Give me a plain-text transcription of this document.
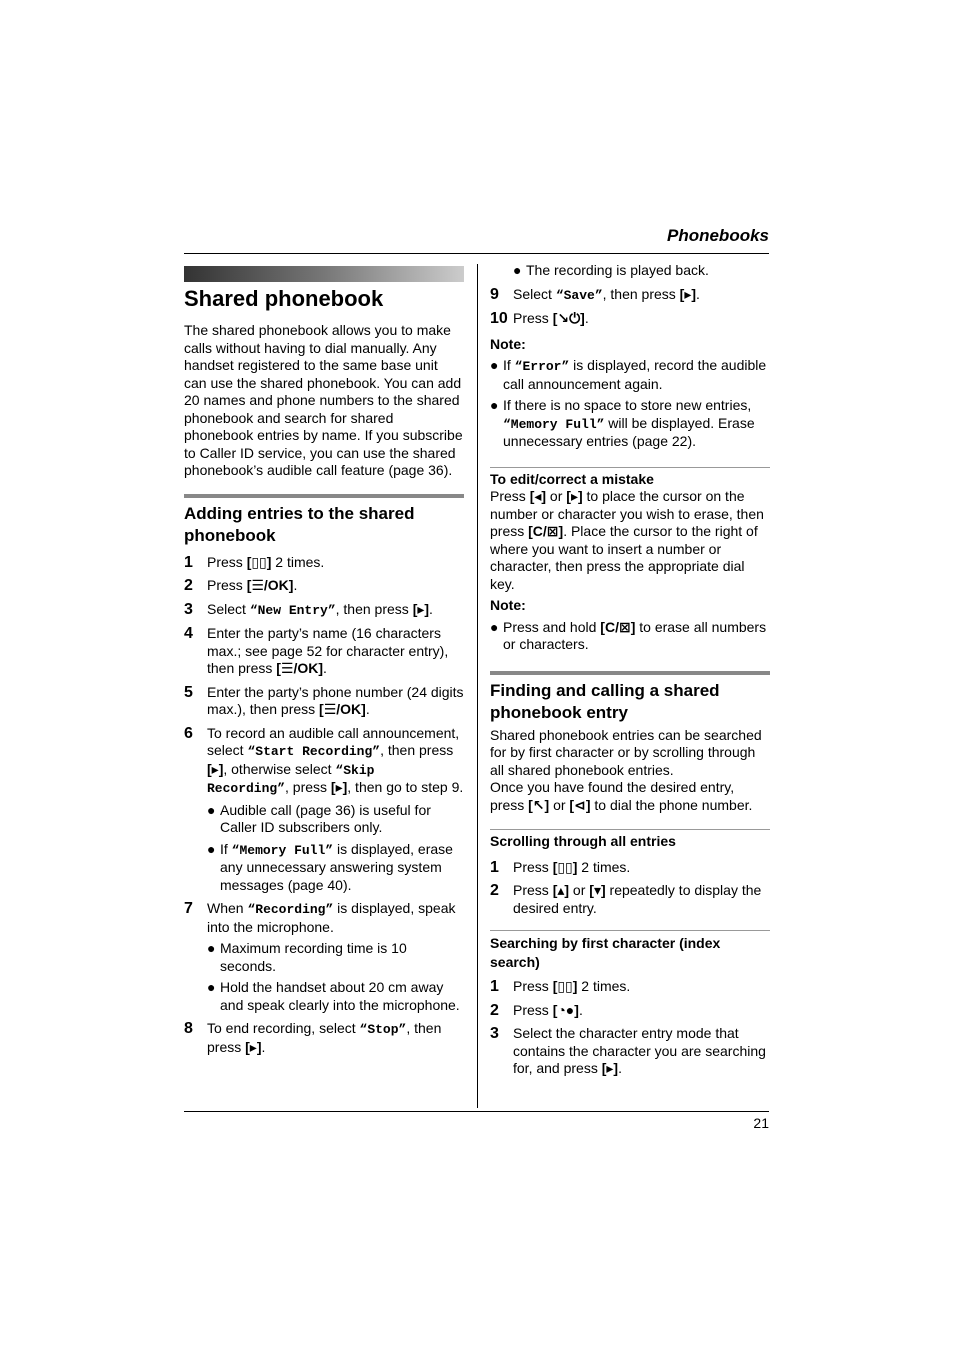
Phonebooks
21
Shared phonebook

The shared phonebook allows you to make calls without having to dial manually. Any handset registered to the same base unit can use the shared phonebook. You can add 20 names and phone numbers to the shared phonebook and search for shared phonebook entries by name. If you subscribe to Caller ID service, you can use the shared phonebook’s audible call feature (page 36).

Adding entries to the shared phonebook
1	Press [▯▯] 2 times.
2	Press [☰/OK].
3	Select “New Entry”, then press [▸].
4	Enter the party’s name (16 characters max.; see page 52 for character entry), then press [☰/OK].
5	Enter the party’s phone number (24 digits max.), then press [☰/OK].
6	To record an audible call announcement, select “Start Recording”, then press [▸], otherwise select “Skip Recording”, press [▸], then go to step 9.
● Audible call (page 36) is useful for Caller ID subscribers only.
● If “Memory Full” is displayed, erase any unnecessary answering system messages (page 40).
7	When “Recording” is displayed, speak into the microphone.
● Maximum recording time is 10 seconds.
● Hold the handset about 20 cm away and speak clearly into the microphone.
8	To end recording, select “Stop”, then press [▸].
● The recording is played back.
9	Select “Save”, then press [▸].
10 Press [↘⏻].
Note:
● If “Error” is displayed, record the audible call announcement again.
● If there is no space to store new entries, “Memory Full” will be displayed. Erase unnecessary entries (page 22).
To edit/correct a mistake
Press [◂] or [▸] to place the cursor on the number or character you wish to erase, then press [C/⊠]. Place the cursor to the right of where you want to insert a number or character, then press the appropriate dial key.
Note:
● Press and hold [C/⊠] to erase all numbers or characters.
Finding and calling a shared phonebook entry
Shared phonebook entries can be searched for by first character or by scrolling through all shared phonebook entries.
Once you have found the desired entry, press [↖] or [⊲] to dial the phone number.
Scrolling through all entries
1	Press [▯▯] 2 times.
2	Press [▴] or [▾] repeatedly to display the desired entry.
Searching by first character (index search)
1	Press [▯▯] 2 times.
2	Press [◔●].
3	Select the character entry mode that contains the character you are searching for, and press [▸].
